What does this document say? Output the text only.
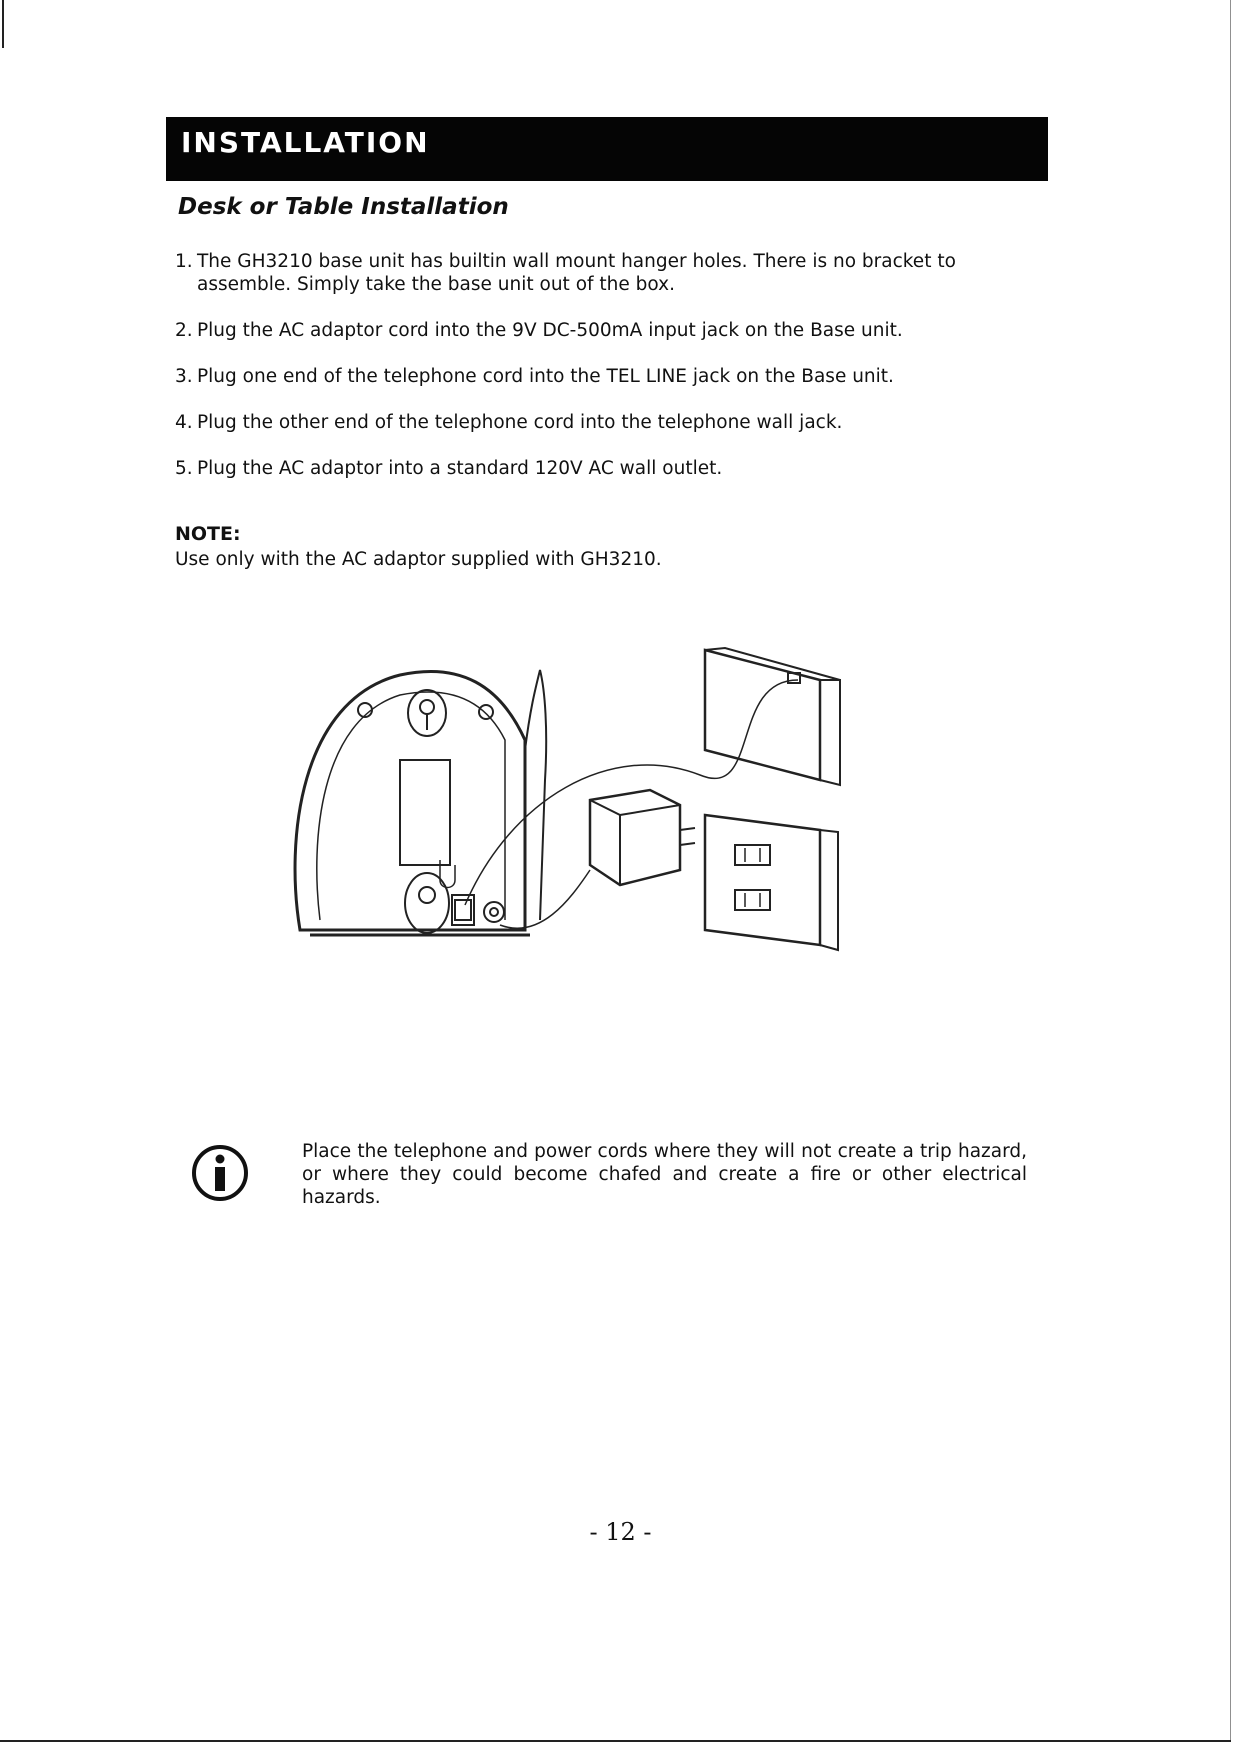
INSTALLATION
Desk or Table Installation
1. The GH3210 base unit has builtin wall mount hanger holes. There is no bracket to assemble. Simply take the base unit out of the box.
2. Plug the AC adaptor cord into the 9V DC-500mA input jack on the Base unit.
3. Plug one end of the telephone cord into the TEL LINE jack on the Base unit.
4. Plug the other end of the telephone cord into the telephone wall jack.
5. Plug the AC adaptor into a standard 120V AC wall outlet.
NOTE:
Use only with the AC adaptor supplied with GH3210.
Place the telephone and power cords where they will not create a trip hazard, or where they could become chafed and create a fire or other electrical hazards.
- 12 -
